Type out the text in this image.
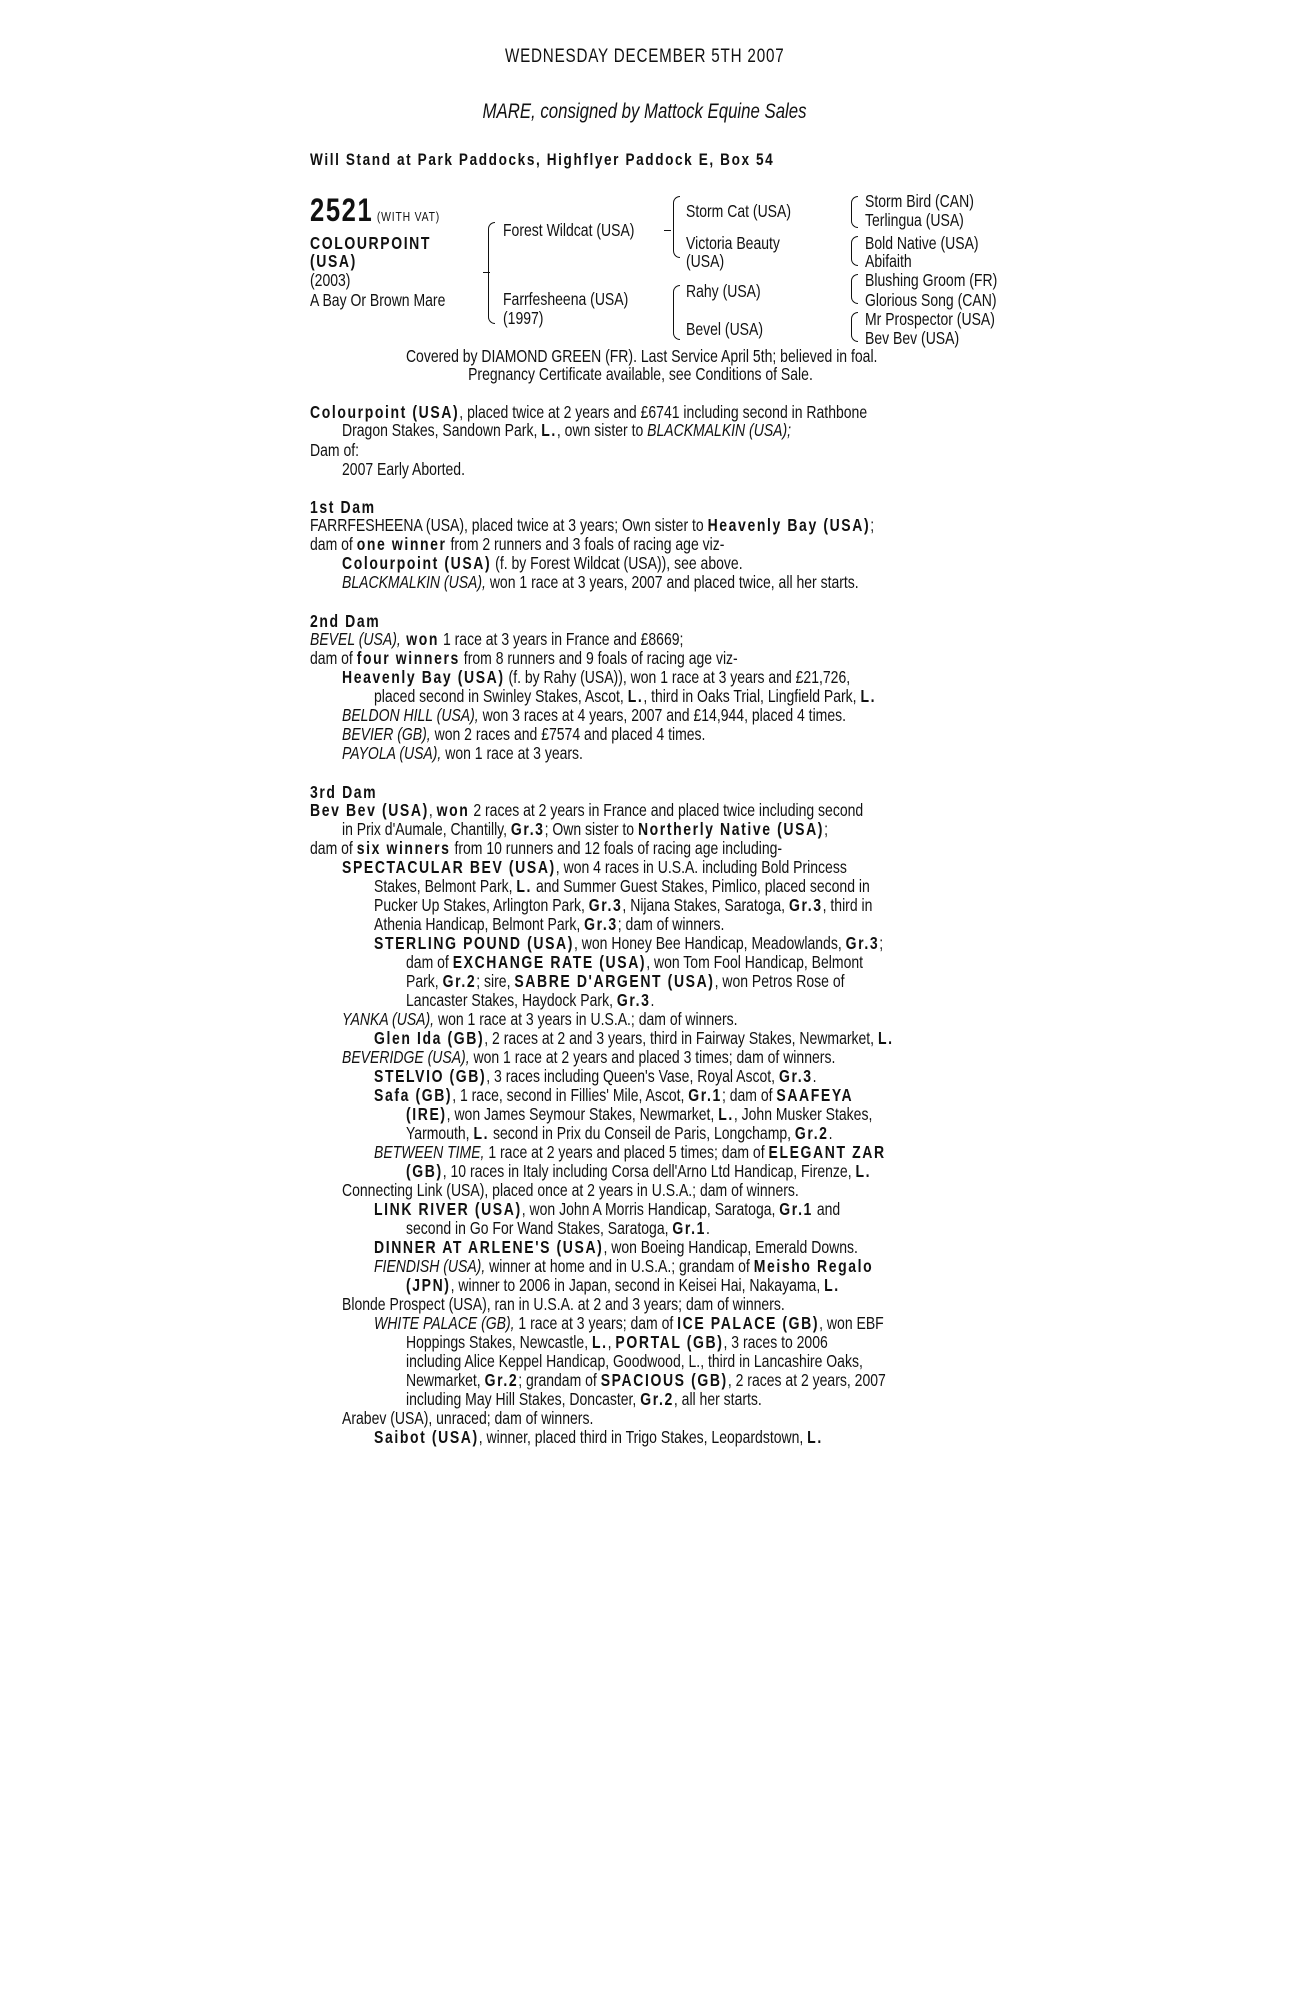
WEDNESDAY DECEMBER 5TH 2007
MARE, consigned by Mattock Equine Sales
Will Stand at Park Paddocks, Highflyer Paddock E, Box 54
2521 (WITH VAT)
COLOURPOINT
(USA)
(2003)
A Bay Or Brown Mare
Forest Wildcat (USA)
Farrfesheena (USA)
(1997)
Storm Cat (USA)
Victoria Beauty
(USA)
Rahy (USA)
Bevel (USA)
Storm Bird (CAN)
Terlingua (USA)
Bold Native (USA)
Abifaith
Blushing Groom (FR)
Glorious Song (CAN)
Mr Prospector (USA)
Bev Bev (USA)
Covered by DIAMOND GREEN (FR). Last Service April 5th; believed in foal.
Pregnancy Certificate available, see Conditions of Sale.
Colourpoint (USA), placed twice at 2 years and £6741 including second in Rathbone
Dragon Stakes, Sandown Park, L., own sister to BLACKMALKIN (USA);
Dam of:
2007 Early Aborted.
1st Dam
FARRFESHEENA (USA), placed twice at 3 years; Own sister to Heavenly Bay (USA);
dam of one winner from 2 runners and 3 foals of racing age viz-
Colourpoint (USA) (f. by Forest Wildcat (USA)), see above.
BLACKMALKIN (USA), won 1 race at 3 years, 2007 and placed twice, all her starts.
2nd Dam
BEVEL (USA), won 1 race at 3 years in France and £8669;
dam of four winners from 8 runners and 9 foals of racing age viz-
Heavenly Bay (USA) (f. by Rahy (USA)), won 1 race at 3 years and £21,726,
placed second in Swinley Stakes, Ascot, L., third in Oaks Trial, Lingfield Park, L.
BELDON HILL (USA), won 3 races at 4 years, 2007 and £14,944, placed 4 times.
BEVIER (GB), won 2 races and £7574 and placed 4 times.
PAYOLA (USA), won 1 race at 3 years.
3rd Dam
Bev Bev (USA), won 2 races at 2 years in France and placed twice including second
in Prix d'Aumale, Chantilly, Gr.3; Own sister to Northerly Native (USA);
dam of six winners from 10 runners and 12 foals of racing age including-
SPECTACULAR BEV (USA), won 4 races in U.S.A. including Bold Princess
Stakes, Belmont Park, L. and Summer Guest Stakes, Pimlico, placed second in
Pucker Up Stakes, Arlington Park, Gr.3, Nijana Stakes, Saratoga, Gr.3, third in
Athenia Handicap, Belmont Park, Gr.3; dam of winners.
STERLING POUND (USA), won Honey Bee Handicap, Meadowlands, Gr.3;
dam of EXCHANGE RATE (USA), won Tom Fool Handicap, Belmont
Park, Gr.2; sire, SABRE D'ARGENT (USA), won Petros Rose of
Lancaster Stakes, Haydock Park, Gr.3.
YANKA (USA), won 1 race at 3 years in U.S.A.; dam of winners.
Glen Ida (GB), 2 races at 2 and 3 years, third in Fairway Stakes, Newmarket, L.
BEVERIDGE (USA), won 1 race at 2 years and placed 3 times; dam of winners.
STELVIO (GB), 3 races including Queen's Vase, Royal Ascot, Gr.3.
Safa (GB), 1 race, second in Fillies' Mile, Ascot, Gr.1; dam of SAAFEYA
(IRE), won James Seymour Stakes, Newmarket, L., John Musker Stakes,
Yarmouth, L. second in Prix du Conseil de Paris, Longchamp, Gr.2.
BETWEEN TIME, 1 race at 2 years and placed 5 times; dam of ELEGANT ZAR
(GB), 10 races in Italy including Corsa dell'Arno Ltd Handicap, Firenze, L.
Connecting Link (USA), placed once at 2 years in U.S.A.; dam of winners.
LINK RIVER (USA), won John A Morris Handicap, Saratoga, Gr.1 and
second in Go For Wand Stakes, Saratoga, Gr.1.
DINNER AT ARLENE'S (USA), won Boeing Handicap, Emerald Downs.
FIENDISH (USA), winner at home and in U.S.A.; grandam of Meisho Regalo
(JPN), winner to 2006 in Japan, second in Keisei Hai, Nakayama, L.
Blonde Prospect (USA), ran in U.S.A. at 2 and 3 years; dam of winners.
WHITE PALACE (GB), 1 race at 3 years; dam of ICE PALACE (GB), won EBF
Hoppings Stakes, Newcastle, L., PORTAL (GB), 3 races to 2006
including Alice Keppel Handicap, Goodwood, L., third in Lancashire Oaks,
Newmarket, Gr.2; grandam of SPACIOUS (GB), 2 races at 2 years, 2007
including May Hill Stakes, Doncaster, Gr.2, all her starts.
Arabev (USA), unraced; dam of winners.
Saibot (USA), winner, placed third in Trigo Stakes, Leopardstown, L.
